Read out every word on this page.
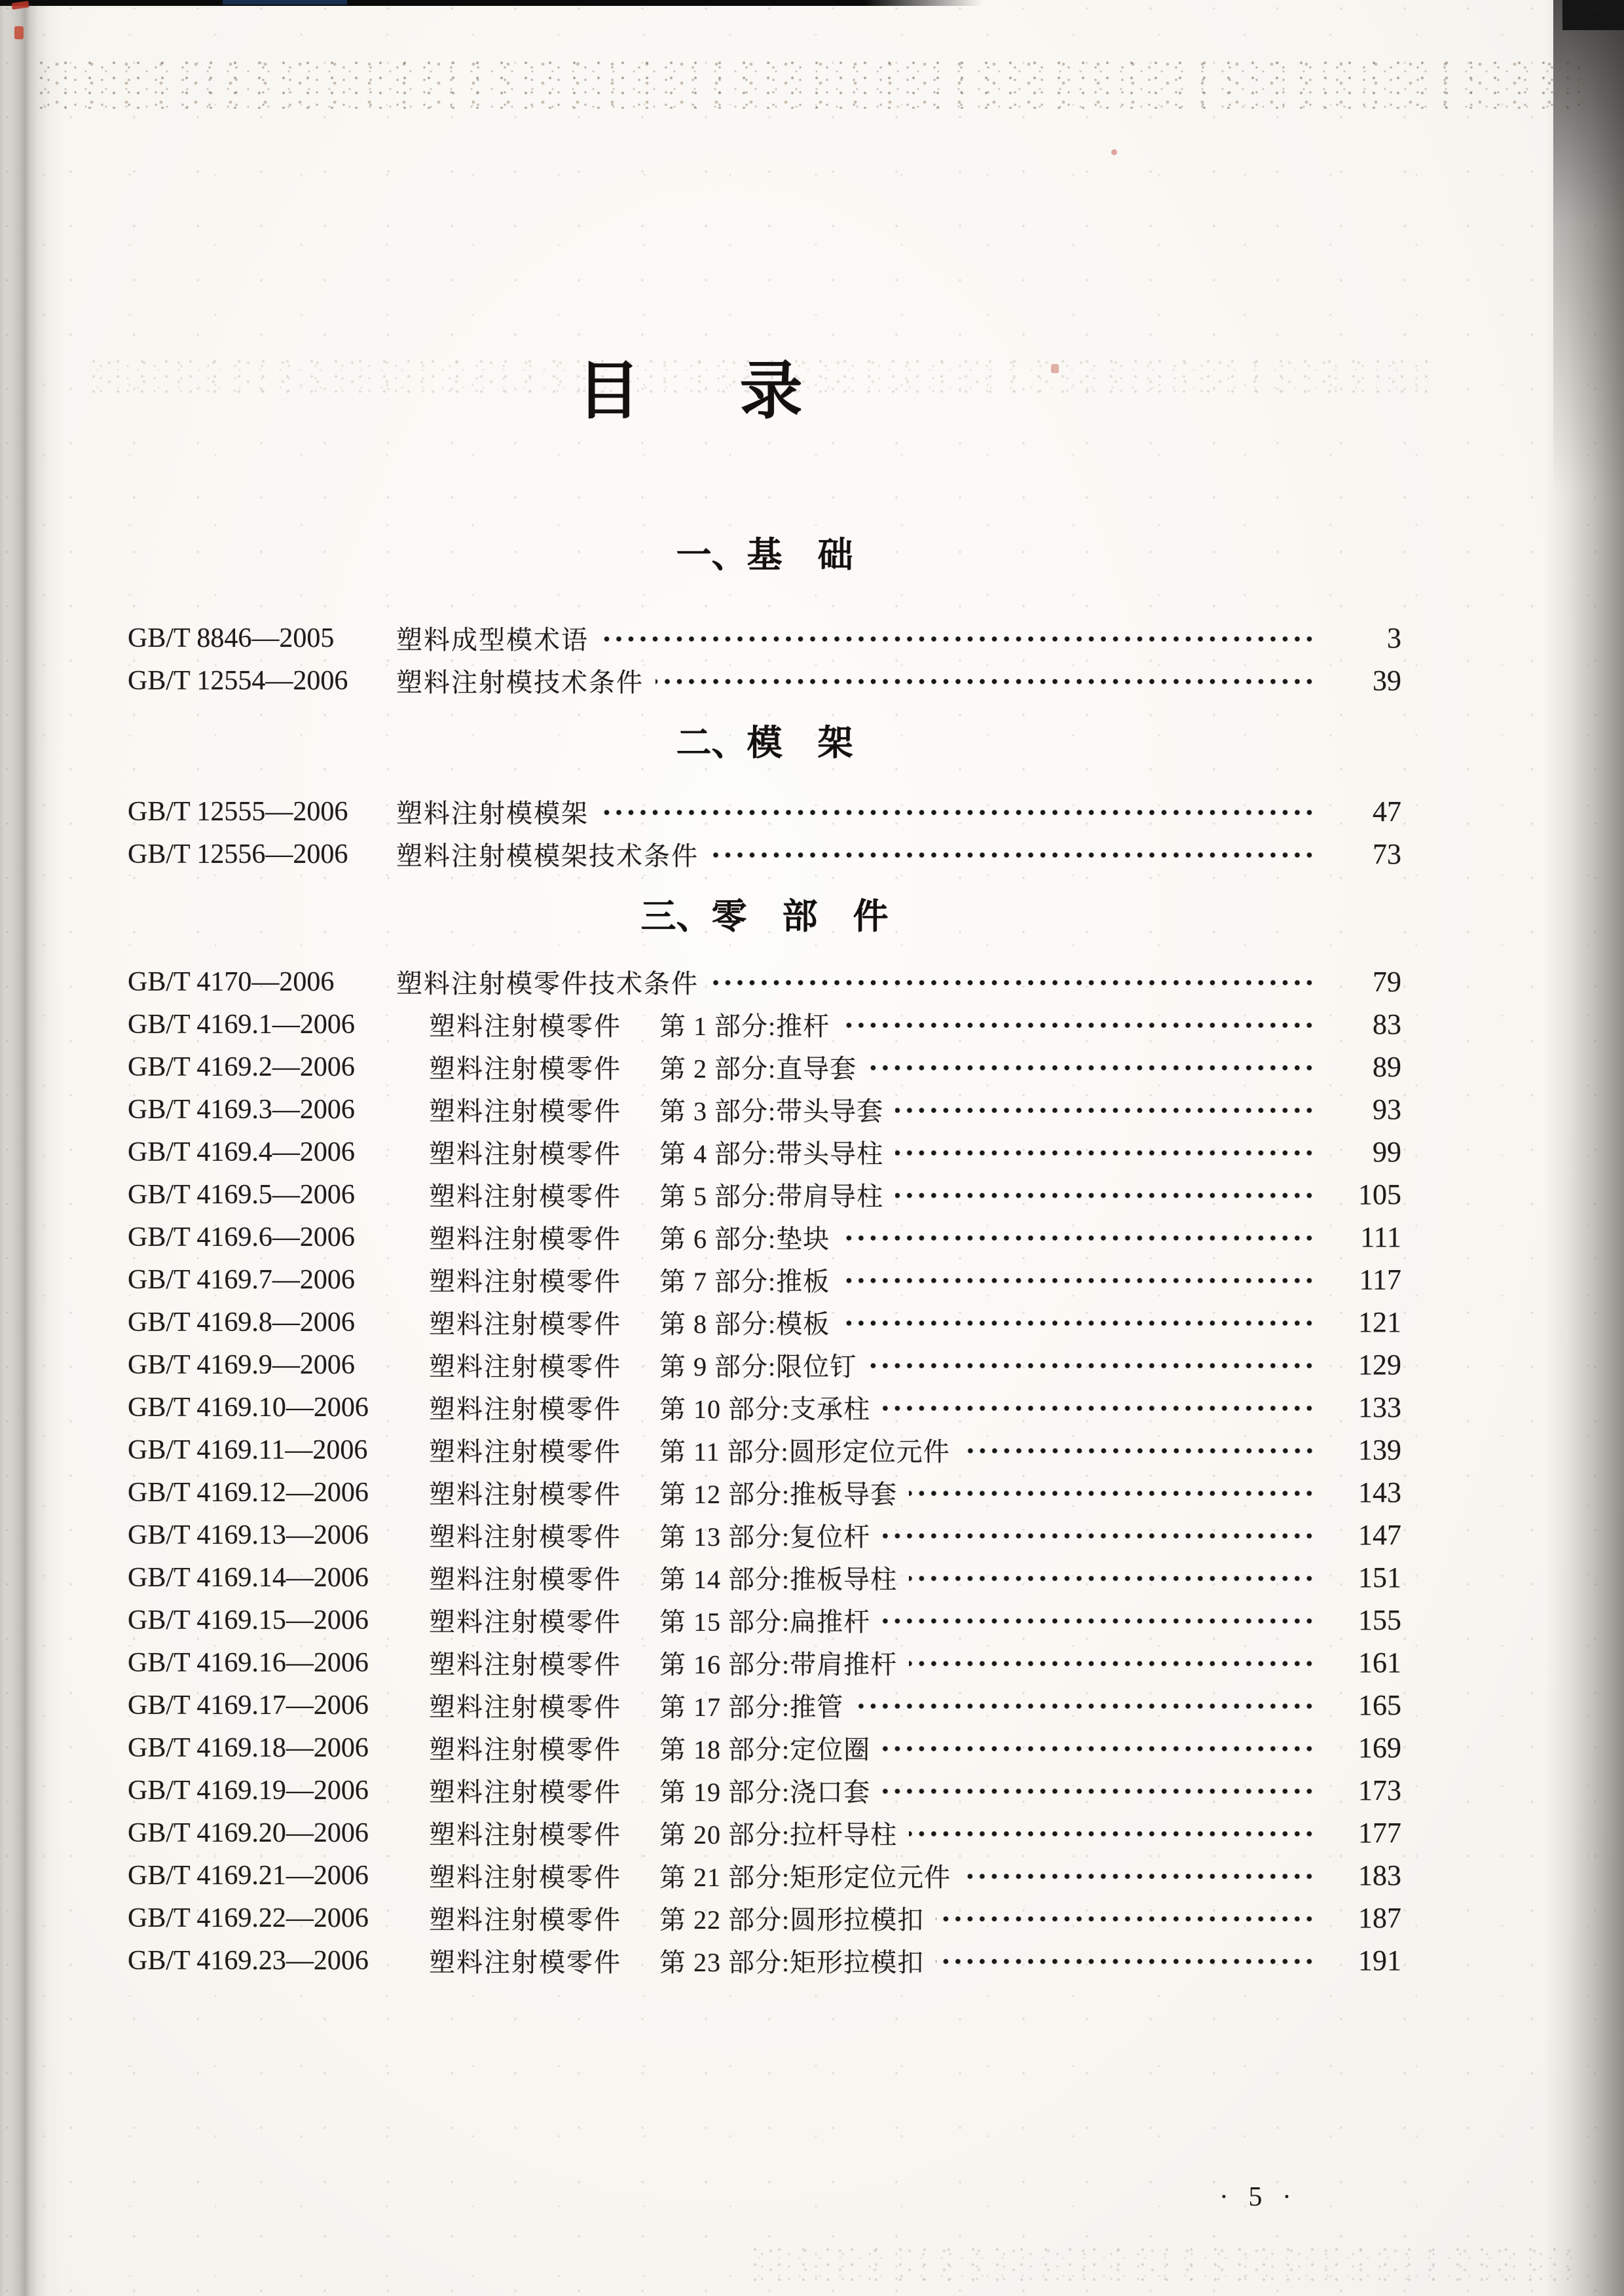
目　录
一、基　础
GB/T 8846—2005	塑料成型模术语	3
GB/T 12554—2006	塑料注射模技术条件	39
二、模　架
GB/T 12555—2006	塑料注射模模架	47
GB/T 12556—2006	塑料注射模模架技术条件	73
三、零　部　件
GB/T 4170—2006	塑料注射模零件技术条件	79
GB/T 4169.1—2006	塑料注射模零件	第 1 部分:推杆	83
GB/T 4169.2—2006	塑料注射模零件	第 2 部分:直导套	89
GB/T 4169.3—2006	塑料注射模零件	第 3 部分:带头导套	93
GB/T 4169.4—2006	塑料注射模零件	第 4 部分:带头导柱	99
GB/T 4169.5—2006	塑料注射模零件	第 5 部分:带肩导柱	105
GB/T 4169.6—2006	塑料注射模零件	第 6 部分:垫块	111
GB/T 4169.7—2006	塑料注射模零件	第 7 部分:推板	117
GB/T 4169.8—2006	塑料注射模零件	第 8 部分:模板	121
GB/T 4169.9—2006	塑料注射模零件	第 9 部分:限位钉	129
GB/T 4169.10—2006	塑料注射模零件	第 10 部分:支承柱	133
GB/T 4169.11—2006	塑料注射模零件	第 11 部分:圆形定位元件	139
GB/T 4169.12—2006	塑料注射模零件	第 12 部分:推板导套	143
GB/T 4169.13—2006	塑料注射模零件	第 13 部分:复位杆	147
GB/T 4169.14—2006	塑料注射模零件	第 14 部分:推板导柱	151
GB/T 4169.15—2006	塑料注射模零件	第 15 部分:扁推杆	155
GB/T 4169.16—2006	塑料注射模零件	第 16 部分:带肩推杆	161
GB/T 4169.17—2006	塑料注射模零件	第 17 部分:推管	165
GB/T 4169.18—2006	塑料注射模零件	第 18 部分:定位圈	169
GB/T 4169.19—2006	塑料注射模零件	第 19 部分:浇口套	173
GB/T 4169.20—2006	塑料注射模零件	第 20 部分:拉杆导柱	177
GB/T 4169.21—2006	塑料注射模零件	第 21 部分:矩形定位元件	183
GB/T 4169.22—2006	塑料注射模零件	第 22 部分:圆形拉模扣	187
GB/T 4169.23—2006	塑料注射模零件	第 23 部分:矩形拉模扣	191
· 5 ·
